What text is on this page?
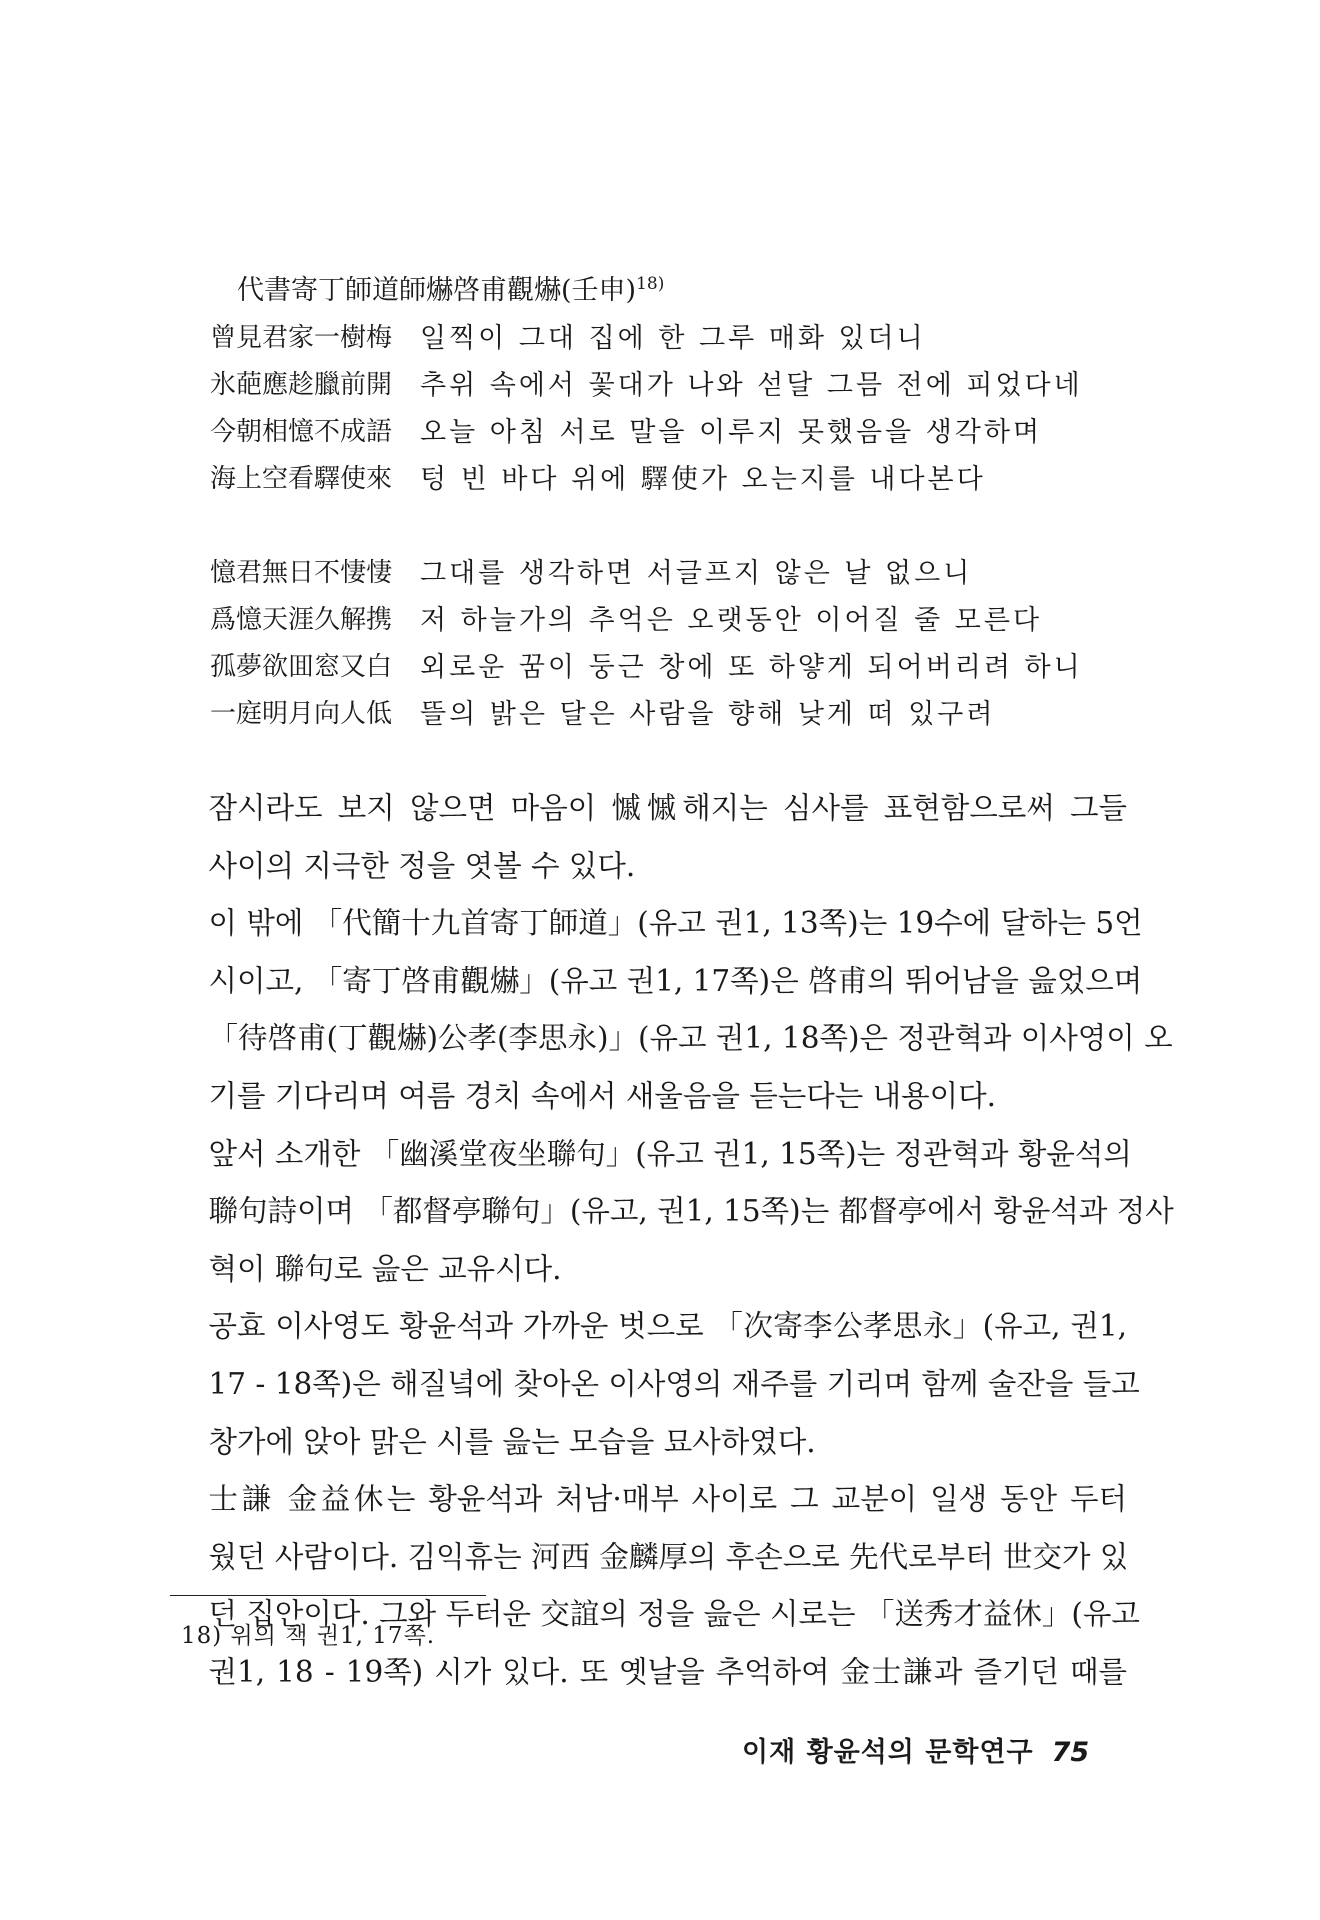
代書寄丁師道師爀啓甫觀爀(壬申)$^{18)}$
曾見君家一樹梅	일찍이 그대 집에 한 그루 매화 있더니
氷葩應趁臘前開	추위 속에서 꽃대가 나와 섣달 그믐 전에 피었다네
今朝相憶不成語	오늘 아침 서로 말을 이루지 못했음을 생각하며
海上空看驛使來	텅 빈 바다 위에 驛使가 오는지를 내다본다
憶君無日不悽悽	그대를 생각하면 서글프지 않은 날 없으니
爲憶天涯久解携	저 하늘가의 추억은 오랫동안 이어질 줄 모른다
孤夢欲囬窓又白	외로운 꿈이 둥근 창에 또 하얗게 되어버리려 하니
一庭明月向人低	뜰의 밝은 달은 사람을 향해 낮게 떠 있구려

잠시라도 보지 않으면 마음이 慽慽해지는 심사를 표현함으로써 그들
사이의 지극한 정을 엿볼 수 있다.

이 밖에 「代簡十九首寄丁師道」(유고 권1, 13쪽)는 19수에 달하는 5언
시이고, 「寄丁啓甫觀爀」(유고 권1, 17쪽)은 啓甫의 뛰어남을 읊었으며
「待啓甫(丁觀爀)公孝(李思永)」(유고 권1, 18쪽)은 정관혁과 이사영이 오
기를 기다리며 여름 경치 속에서 새울음을 듣는다는 내용이다.

앞서 소개한 「幽溪堂夜坐聯句」(유고 권1, 15쪽)는 정관혁과 황윤석의
聯句詩이며 「都督亭聯句」(유고, 권1, 15쪽)는 都督亭에서 황윤석과 정사
혁이 聯句로 읊은 교유시다.

공효 이사영도 황윤석과 가까운 벗으로 「次寄李公孝思永」(유고, 권1,
17 - 18쪽)은 해질녘에 찾아온 이사영의 재주를 기리며 함께 술잔을 들고
창가에 앉아 맑은 시를 읊는 모습을 묘사하였다.

士謙 金益休는 황윤석과 처남·매부 사이로 그 교분이 일생 동안 두터
웠던 사람이다. 김익휴는 河西 金麟厚의 후손으로 先代로부터 世交가 있
던 집안이다. 그와 두터운 交誼의 정을 읊은 시로는 「送秀才益休」(유고
권1, 18 - 19쪽) 시가 있다. 또 옛날을 추억하여 金士謙과 즐기던 때를

18) 위의 책 권1, 17쪽.
이재 황윤석의 문학연구 75
